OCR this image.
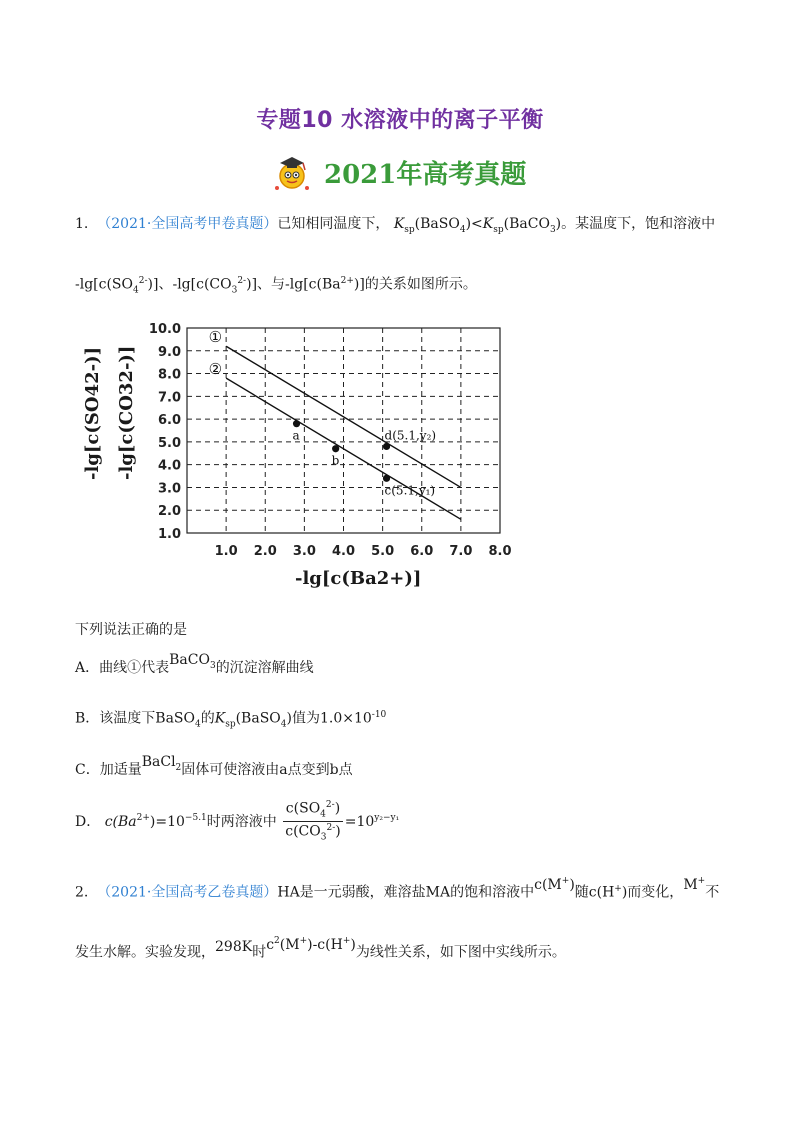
专题10 水溶液中的离子平衡
2021年高考真题
1. （2021·全国高考甲卷真题）已知相同温度下， $K_{sp}(BaSO_4)<K_{sp}(BaCO_3)$。某温度下，饱和溶液中
$-\lg[c(SO_4^{2-})]$、$-\lg[c(CO_3^{2-})]$、与$-\lg[c(Ba^{2+})]$的关系如图所示。
1.0 2.0 3.0 4.0 5.0 6.0 7.0 8.0
1.0
2.0
3.0
4.0
5.0
6.0
7.0
8.0
9.0
10.0 ①
②
a
b
d(5.1,y₂)
c(5.1,y₁)
-lg[c(SO42-)] -lg[c(CO32-)]
-lg[c(Ba2+)]
下列说法正确的是
A．曲线①代表BaCO$_3$的沉淀溶解曲线
B．该温度下BaSO$_4$的$K_{sp}(BaSO_4)$值为$1.0\times 10^{-10}$
C．加适量BaCl$_2$固体可使溶液由a点变到b点
D． $c(Ba^{2+})=10^{-5.1}$时两溶液中 $\frac{c(SO_4^{2-})}{c(CO_3^{2-})} =10^{y_2-y_1}$
2. （2021·全国高考乙卷真题）HA是一元弱酸，难溶盐MA的饱和溶液中c(M+)随c(H+)而变化，M+不
发生水解。实验发现，298K时$c^2(M^+)-c(H^+)$为线性关系，如下图中实线所示。
